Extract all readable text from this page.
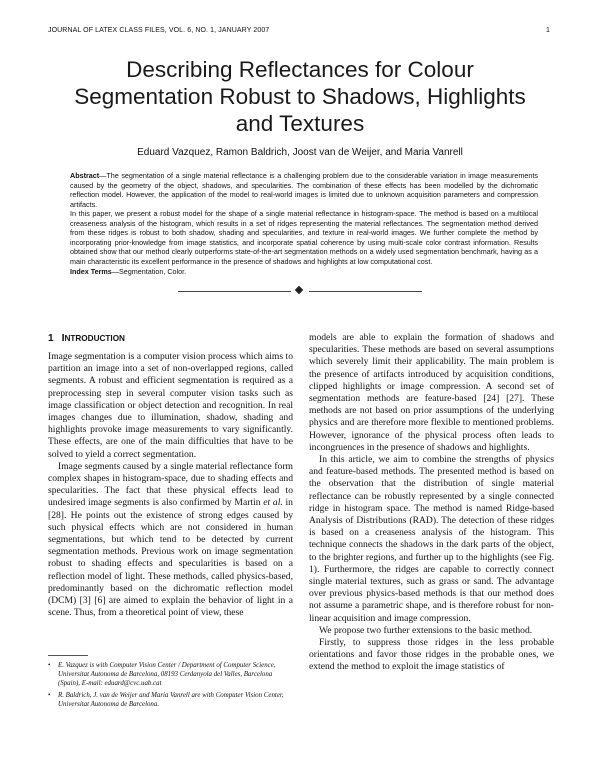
JOURNAL OF LATEX CLASS FILES, VOL. 6, NO. 1, JANUARY 2007	1
Describing Reflectances for Colour Segmentation Robust to Shadows, Highlights and Textures
Eduard Vazquez, Ramon Baldrich, Joost van de Weijer, and Maria Vanrell

Abstract—The segmentation of a single material reflectance is a challenging problem due to the considerable variation in image measurements caused by the geometry of the object, shadows, and specularities. The combination of these effects has been modelled by the dichromatic reflection model. However, the application of the model to real-world images is limited due to unknown acquisition parameters and compression artifacts.

In this paper, we present a robust model for the shape of a single material reflectance in histogram-space. The method is based on a multilocal creaseness analysis of the histogram, which results in a set of ridges representing the material reflectances. The segmentation method derived from these ridges is robust to both shadow, shading and specularities, and texture in real-world images. We further complete the method by incorporating prior-knowledge from image statistics, and incorporate spatial coherence by using multi-scale color contrast information. Results obtained show that our method clearly outperforms state-of-the-art segmentation methods on a widely used segmentation benchmark, having as a main characteristic its excellent performance in the presence of shadows and highlights at low computational cost.

Index Terms—Segmentation, Color.
1 INTRODUCTION

Image segmentation is a computer vision process which aims to partition an image into a set of non-overlapped regions, called segments. A robust and efficient segmentation is required as a preprocessing step in several computer vision tasks such as image classification or object detection and recognition. In real images changes due to illumination, shadow, shading and highlights provoke image measurements to vary significantly. These effects, are one of the main difficulties that have to be solved to yield a correct segmentation.

Image segments caused by a single material reflectance form complex shapes in histogram-space, due to shading effects and specularities. The fact that these physical effects lead to undesired image segments is also confirmed by Martin et al. in [28]. He points out the existence of strong edges caused by such physical effects which are not considered in human segmentations, but which tend to be detected by current segmentation methods. Previous work on image segmentation robust to shading effects and specularities is based on a reflection model of light. These methods, called physics-based, predominantly based on the dichromatic reflection model (DCM) [3] [6] are aimed to explain the behavior of light in a scene. Thus, from a theoretical point of view, these

• E. Vazquez is with Computer Vision Center / Department of Computer Science, Universitat Autonoma de Barcelona, 08193 Cerdanyola del Valles, Barcelona (Spain), E-mail: eduard@cvc.uab.cat
• R. Baldrich, J. van de Weijer and Maria Vanrell are with Computer Vision Center, Universitat Autonoma de Barcelona.

models are able to explain the formation of shadows and specularities. These methods are based on several assumptions which severely limit their applicability. The main problem is the presence of artifacts introduced by acquisition conditions, clipped highlights or image compression. A second set of segmentation methods are feature-based [24] [27]. These methods are not based on prior assumptions of the underlying physics and are therefore more flexible to mentioned problems. However, ignorance of the physical process often leads to incongruences in the presence of shadows and highlights.

In this article, we aim to combine the strengths of physics and feature-based methods. The presented method is based on the observation that the distribution of single material reflectance can be robustly represented by a single connected ridge in histogram space. The method is named Ridge-based Analysis of Distributions (RAD). The detection of these ridges is based on a creaseness analysis of the histogram. This technique connects the shadows in the dark parts of the object, to the brighter regions, and further up to the highlights (see Fig. 1). Furthermore, the ridges are capable to correctly connect single material textures, such as grass or sand. The advantage over previous physics-based methods is that our method does not assume a parametric shape, and is therefore robust for non-linear acquisition and image compression.

We propose two further extensions to the basic method.

Firstly, to suppress those ridges in the less probable orientations and favor those ridges in the probable ones, we extend the method to exploit the image statistics of
